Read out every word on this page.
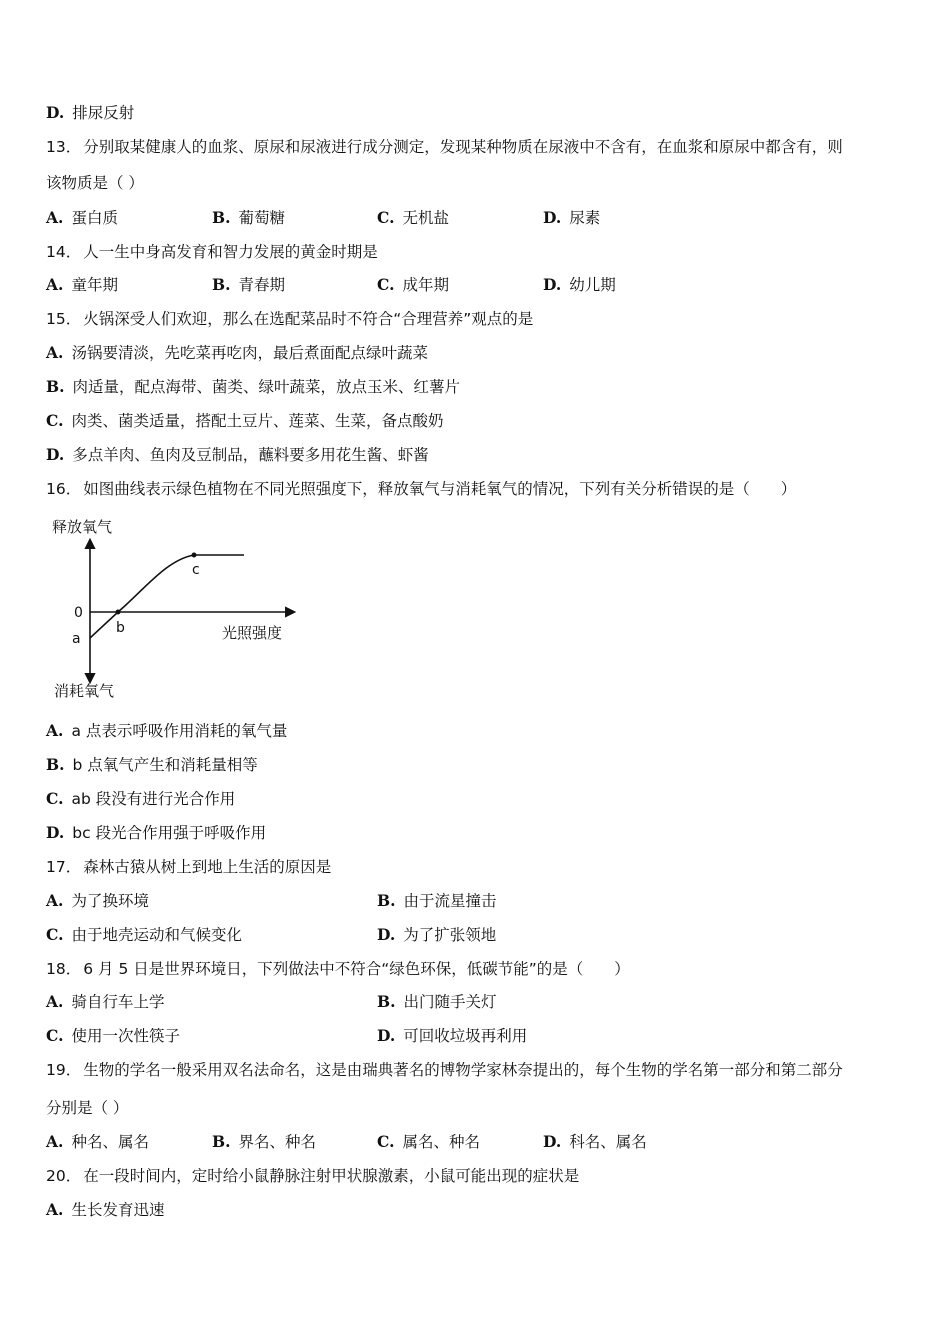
D. 排尿反射
13． 分别取某健康人的血浆、原尿和尿液进行成分测定，发现某种物质在尿液中不含有，在血浆和原尿中都含有，则
该物质是（ ）
A. 蛋白质	B. 葡萄糖	C. 无机盐	D. 尿素
14． 人一生中身高发育和智力发展的黄金时期是
A. 童年期	B. 青春期	C. 成年期	D. 幼儿期
15． 火锅深受人们欢迎，那么在选配菜品时不符合“合理营养”观点的是
A. 汤锅要清淡，先吃菜再吃肉，最后煮面配点绿叶蔬菜
B. 肉适量，配点海带、菌类、绿叶蔬菜，放点玉米、红薯片
C. 肉类、菌类适量，搭配土豆片、莲菜、生菜，备点酸奶
D. 多点羊肉、鱼肉及豆制品，蘸料要多用花生酱、虾酱
16． 如图曲线表示绿色植物在不同光照强度下，释放氧气与消耗氧气的情况，下列有关分析错误的是（　　）
释放氧气
消耗氧气
光照强度
0
a
b
c
A. a 点表示呼吸作用消耗的氧气量
B. b 点氧气产生和消耗量相等
C. ab 段没有进行光合作用
D. bc 段光合作用强于呼吸作用
17． 森林古猿从树上到地上生活的原因是
A. 为了换环境	B. 由于流星撞击
C. 由于地壳运动和气候变化	D. 为了扩张领地
18． 6 月 5 日是世界环境日，下列做法中不符合“绿色环保，低碳节能”的是（　　）
A. 骑自行车上学	B. 出门随手关灯
C. 使用一次性筷子	D. 可回收垃圾再利用
19． 生物的学名一般采用双名法命名，这是由瑞典著名的博物学家林奈提出的，每个生物的学名第一部分和第二部分
分别是（ ）
A. 种名、属名	B. 界名、种名	C. 属名、种名	D. 科名、属名
20． 在一段时间内，定时给小鼠静脉注射甲状腺激素，小鼠可能出现的症状是
A. 生长发育迅速
